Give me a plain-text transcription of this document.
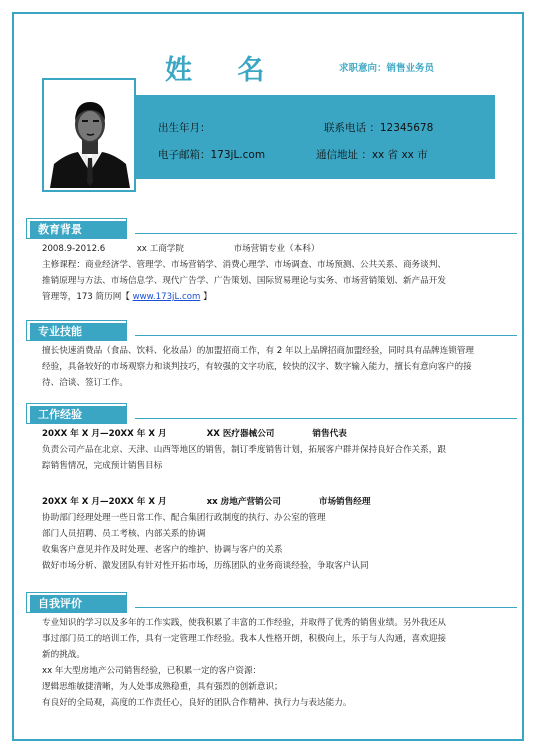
姓 名	求职意向：销售业务员
出生年月：	联系电话 ：12345678
电子邮箱：173jL.com	通信地址 ：xx 省 xx 市
教育背景
2008.9-2012.6	xx 工商学院	市场营销专业（本科）
主修课程：商业经济学、管理学、市场营销学、消费心理学、市场调查、市场预测、公共关系、商务谈判、
推销原理与方法、市场信息学、现代广告学、广告策划、国际贸易理论与实务、市场营销策划、新产品开发
管理等，173 简历网【 www.173jL.com 】
专业技能
擅长快速消费品（食品、饮料、化妆品）的加盟招商工作，有 2 年以上品牌招商加盟经验，同时具有品牌连锁管理
经验，具备较好的市场观察力和谈判技巧，有较强的文字功底，较快的汉字、数字输入能力，擅长有意向客户的接
待、洽谈、签订工作。
工作经验
20XX 年 X 月—20XX 年 X 月	XX 医疗器械公司	销售代表
负责公司产品在北京、天津、山西等地区的销售，制订季度销售计划，拓展客户群并保持良好合作关系，跟
踪销售情况，完成预计销售目标
20XX 年 X 月—20XX 年 X 月	xx 房地产营销公司	市场销售经理
协助部门经理处理一些日常工作、配合集团行政制度的执行、办公室的管理
部门人员招聘、员工考核、内部关系的协调
收集客户意见并作及时处理、老客户的维护、协调与客户的关系
做好市场分析、激发团队有针对性开拓市场，历练团队的业务商谈经验，争取客户认同
自我评价
专业知识的学习以及多年的工作实践，使我积累了丰富的工作经验，并取得了优秀的销售业绩。另外我还从
事过部门员工的培训工作，具有一定管理工作经验。我本人性格开朗，积极向上，乐于与人沟通，喜欢迎接
新的挑战。
xx 年大型房地产公司销售经验，已积累一定的客户资源：
逻辑思维敏捷清晰，为人处事成熟稳重，具有强烈的创新意识；
有良好的全局观，高度的工作责任心，良好的团队合作精神、执行力与表达能力。
